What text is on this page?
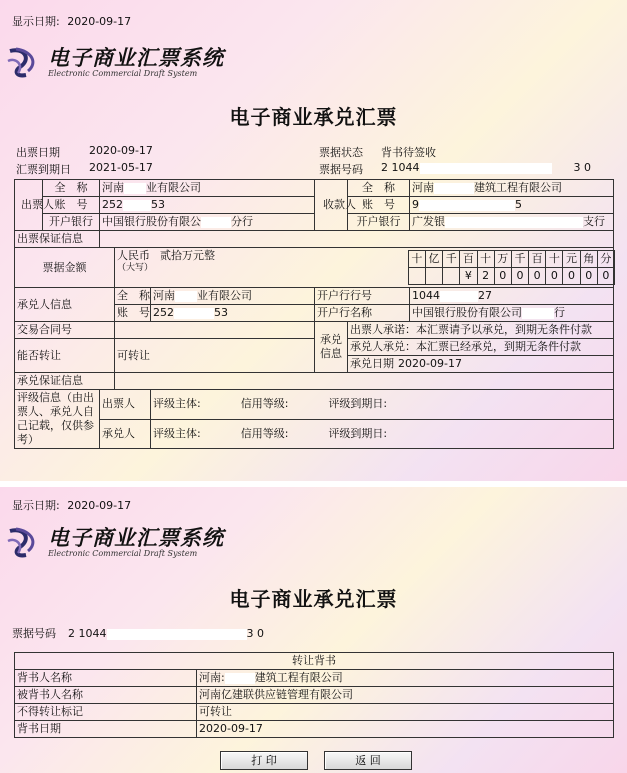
显示日期: 2020-09-17
电子商业汇票系统
Electronic Commercial Draft System
电子商业承兑汇票
出票日期	2020-09-17
汇票到期日 2021-05-17
票据状态 背书待签收
票据号码 2 1044	3 0
出票人	全　称	河南 业有限公司	收款人	全　称	河南	建筑工程有限公司
账　号	252	53	账　号	9	5
开户银行	中国银行股份有限公	分行	开户银行	广发银	支行
出票保证信息	
票据金额	
十	亿	千	百	十	万	千	百	十	元	角	分
			¥	2	0	0	0	0	0	0	0
人民币 贰拾万元整
（大写）

承兑人信息	全　称	河南 业有限公司	开户行行号	1044	27
账　号	252	53	开户行名称	中国银行股份有限公司	行
交易合同号		承兑信息	出票人承诺：本汇票请予以承兑，到期无条件付款
能否转让	可转让	承兑人承兑：本汇票已经承兑，到期无条件付款
承兑日期 2020-09-17
承兑保证信息	
评级信息（由出票人、承兑人自己记载，仅供参考）	出票人	评级主体:	信用等级:	评级到期日:
承兑人	评级主体:	信用等级:	评级到期日:
显示日期: 2020-09-17
电子商业汇票系统
Electronic Commercial Draft System
电子商业承兑汇票
票据号码 2 1044	3 0
转让背书	
背书人名称	河南: 建筑工程有限公司
被背书人名称	河南亿建联供应链管理有限公司
不得转让标记	可转让
背书日期	2020-09-17
打 印	返 回
